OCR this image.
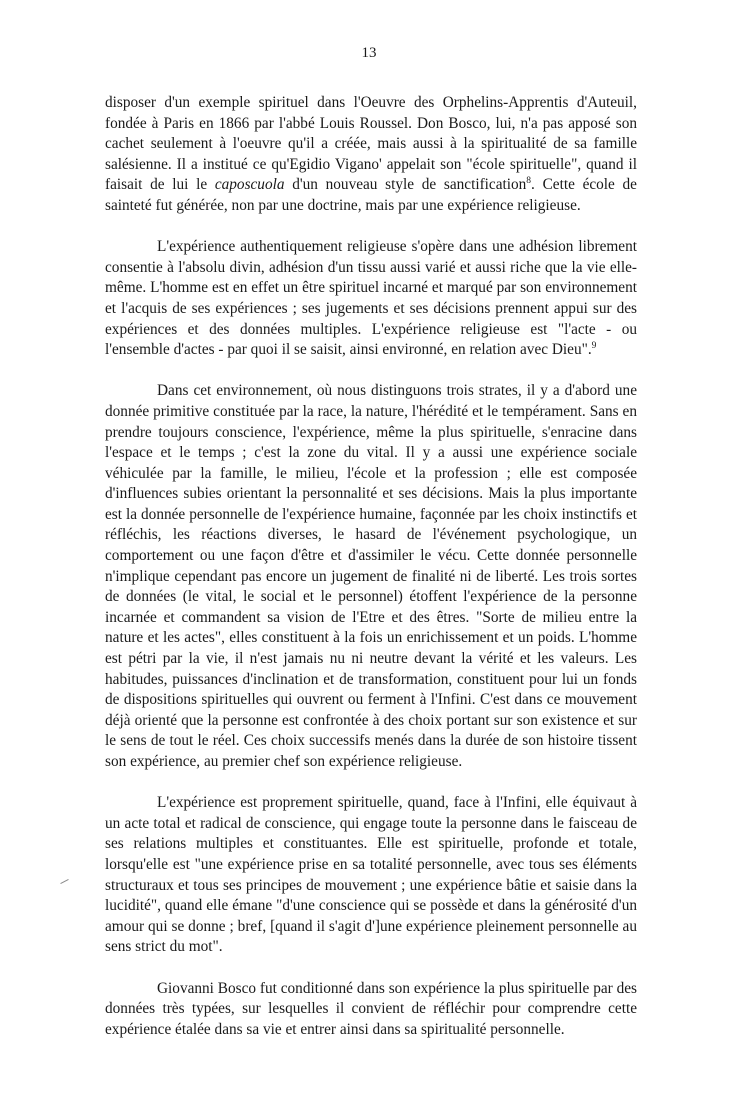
13

disposer d'un exemple spirituel dans l'Oeuvre des Orphelins-Apprentis d'Auteuil, fondée à Paris en 1866 par l'abbé Louis Roussel. Don Bosco, lui, n'a pas apposé son cachet seulement à l'oeuvre qu'il a créée, mais aussi à la spiritualité de sa famille salésienne. Il a institué ce qu'Egidio Vigano' appelait son "école spirituelle", quand il faisait de lui le caposcuola d'un nouveau style de sanctification$^8$. Cette école de sainteté fut générée, non par une doctrine, mais par une expérience religieuse.

L'expérience authentiquement religieuse s'opère dans une adhésion librement consentie à l'absolu divin, adhésion d'un tissu aussi varié et aussi riche que la vie elle-même. L'homme est en effet un être spirituel incarné et marqué par son environnement et l'acquis de ses expériences ; ses jugements et ses décisions prennent appui sur des expériences et des données multiples. L'expérience religieuse est "l'acte - ou l'ensemble d'actes - par quoi il se saisit, ainsi environné, en relation avec Dieu".$^9$

Dans cet environnement, où nous distinguons trois strates, il y a d'abord une donnée primitive constituée par la race, la nature, l'hérédité et le tempérament. Sans en prendre toujours conscience, l'expérience, même la plus spirituelle, s'enracine dans l'espace et le temps ; c'est la zone du vital. Il y a aussi une expérience sociale véhiculée par la famille, le milieu, l'école et la profession ; elle est composée d'influences subies orientant la personnalité et ses décisions. Mais la plus importante est la donnée personnelle de l'expérience humaine, façonnée par les choix instinctifs et réfléchis, les réactions diverses, le hasard de l'événement psychologique, un comportement ou une façon d'être et d'assimiler le vécu. Cette donnée personnelle n'implique cependant pas encore un jugement de finalité ni de liberté. Les trois sortes de données (le vital, le social et le personnel) étoffent l'expérience de la personne incarnée et commandent sa vision de l'Etre et des êtres. "Sorte de milieu entre la nature et les actes", elles constituent à la fois un enrichissement et un poids. L'homme est pétri par la vie, il n'est jamais nu ni neutre devant la vérité et les valeurs. Les habitudes, puissances d'inclination et de transformation, constituent pour lui un fonds de dispositions spirituelles qui ouvrent ou ferment à l'Infini. C'est dans ce mouvement déjà orienté que la personne est confrontée à des choix portant sur son existence et sur le sens de tout le réel. Ces choix successifs menés dans la durée de son histoire tissent son expérience, au premier chef son expérience religieuse.

L'expérience est proprement spirituelle, quand, face à l'Infini, elle équivaut à un acte total et radical de conscience, qui engage toute la personne dans le faisceau de ses relations multiples et constituantes. Elle est spirituelle, profonde et totale, lorsqu'elle est "une expérience prise en sa totalité personnelle, avec tous ses éléments structuraux et tous ses principes de mouvement ; une expérience bâtie et saisie dans la lucidité", quand elle émane "d'une conscience qui se possède et dans la générosité d'un amour qui se donne ; bref, [quand il s'agit d']une expérience pleinement personnelle au sens strict du mot".

Giovanni Bosco fut conditionné dans son expérience la plus spirituelle par des données très typées, sur lesquelles il convient de réfléchir pour comprendre cette expérience étalée dans sa vie et entrer ainsi dans sa spiritualité personnelle.
